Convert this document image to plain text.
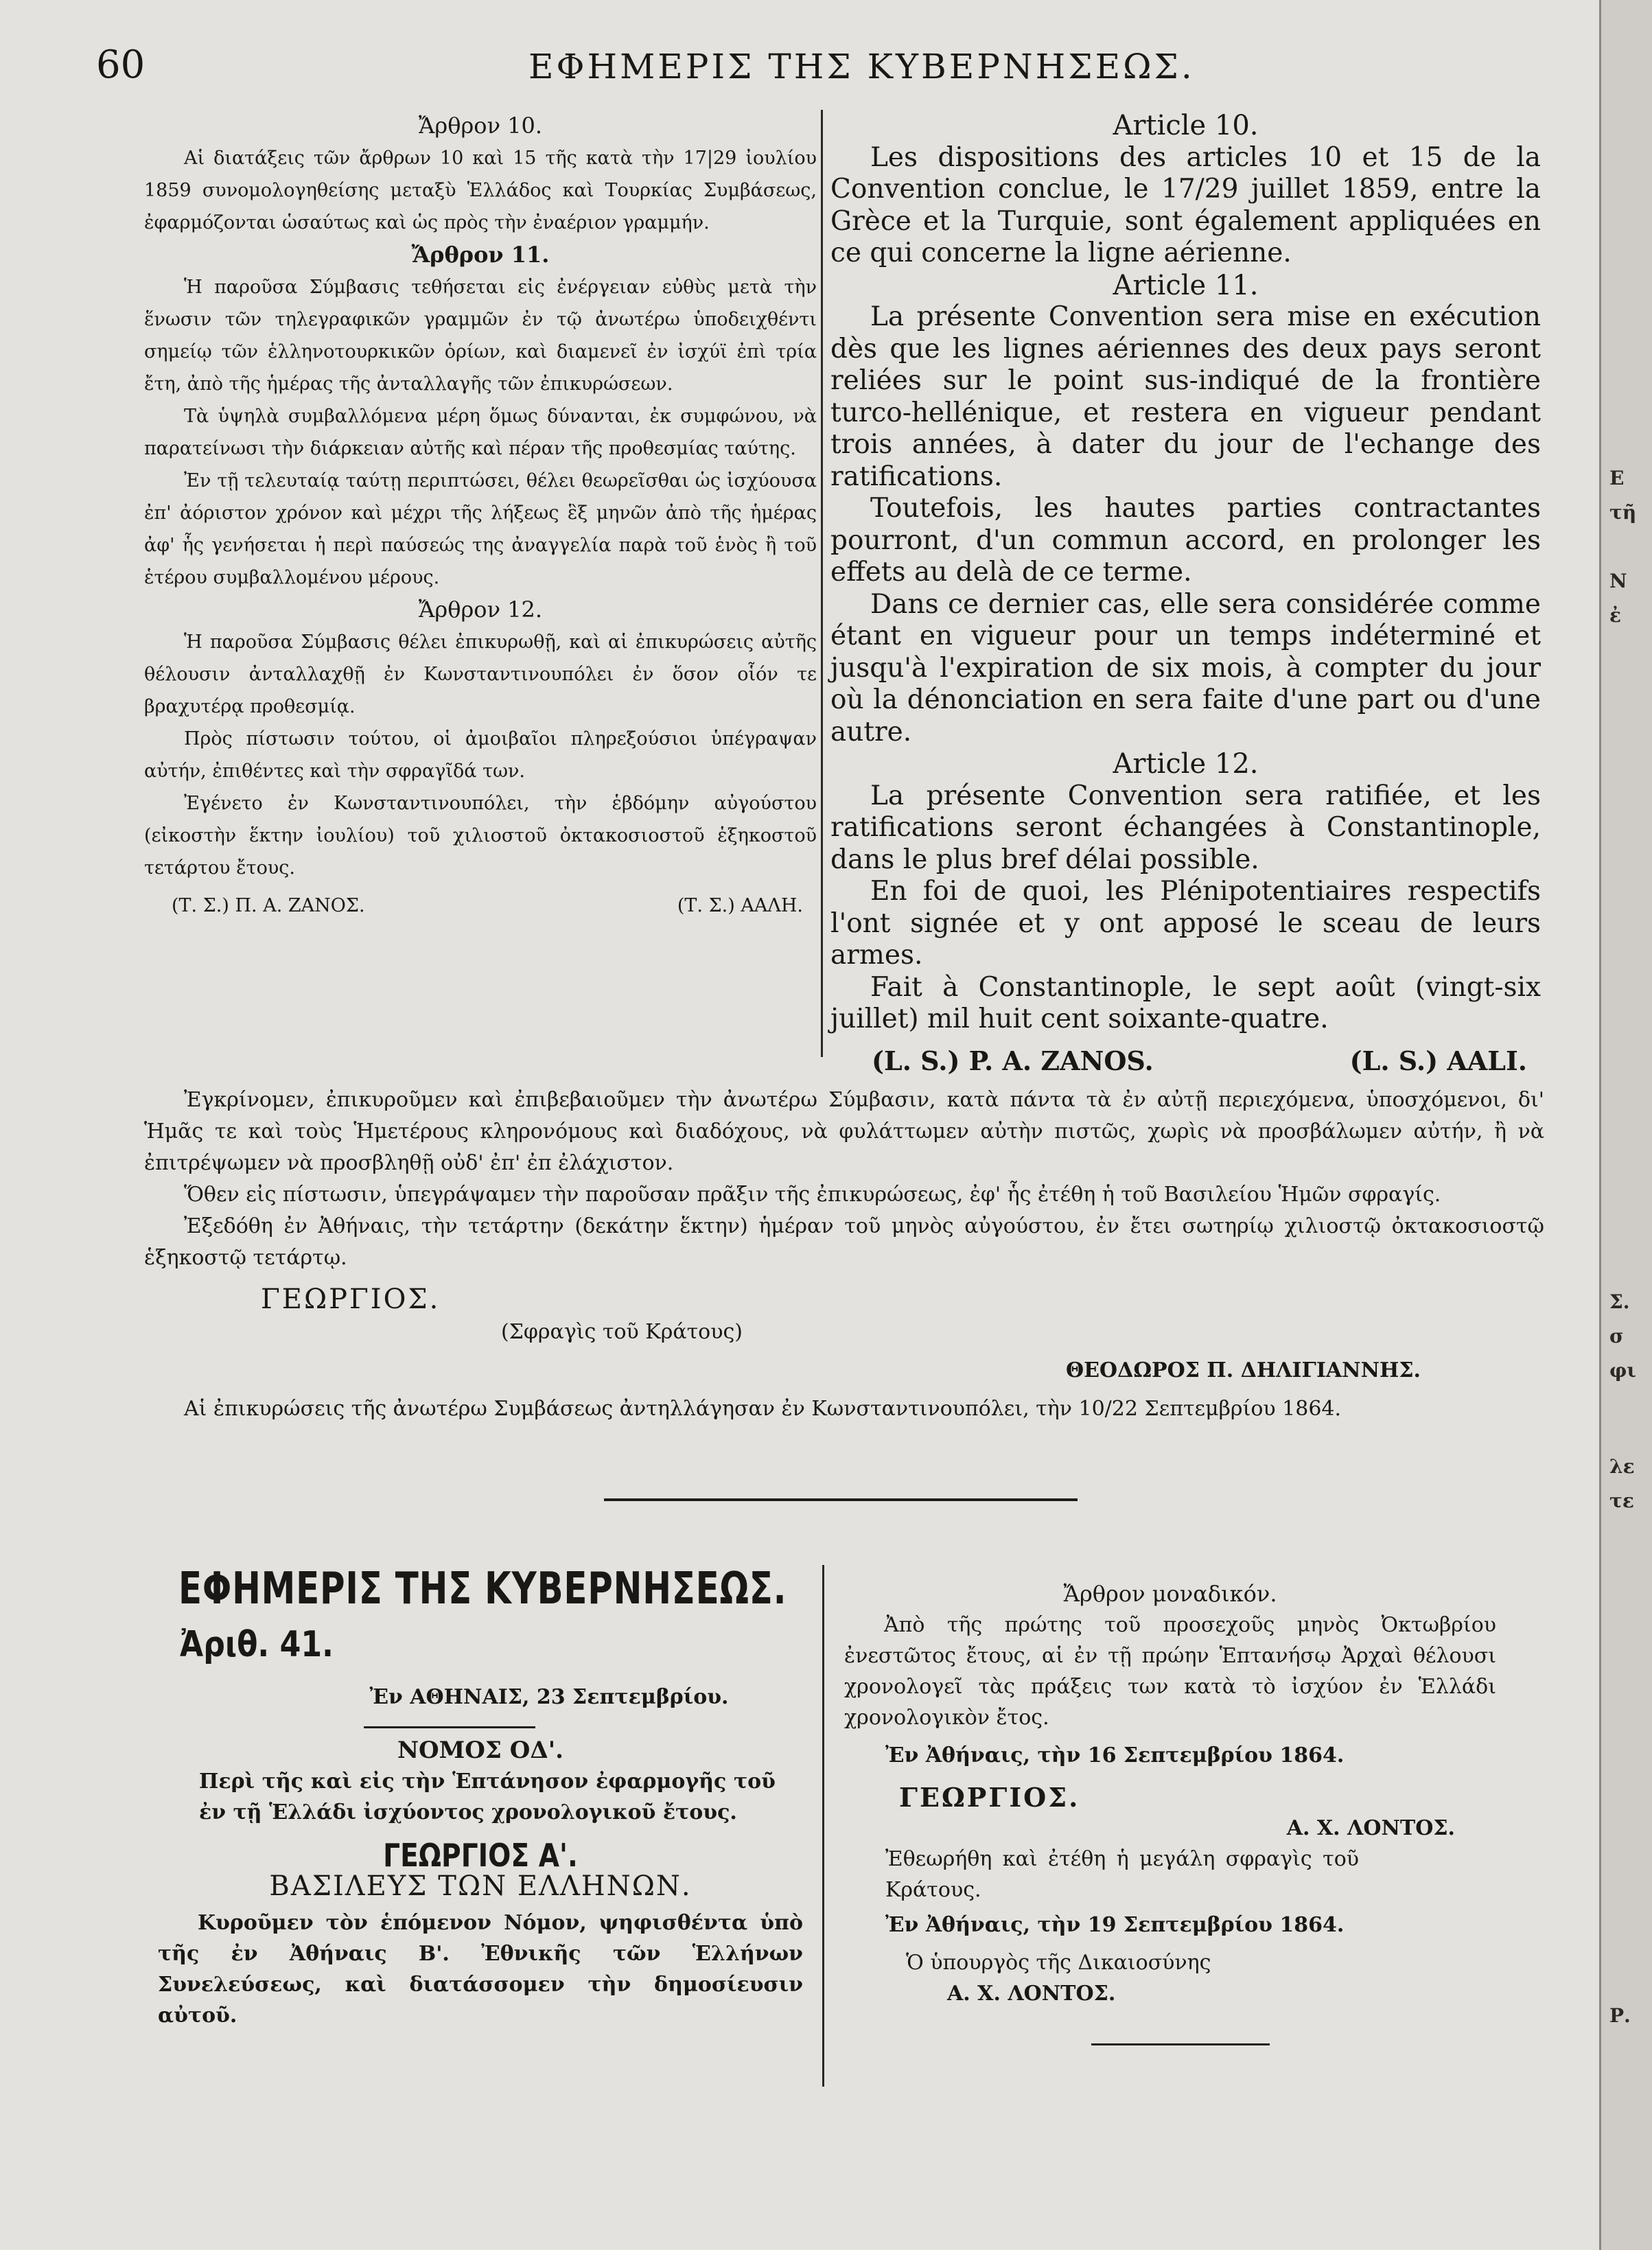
60	ΕΦΗΜΕΡΙΣ ΤΗΣ ΚΥΒΕΡΝΗΣΕΩΣ.
Ἄρθρον 10.

Αἱ διατάξεις τῶν ἄρθρων 10 καὶ 15 τῆς κατὰ τὴν 17|29 ἰουλίου 1859 συνομολογηθείσης μεταξὺ Ἑλλάδος καὶ Τουρκίας Συμβάσεως, ἐφαρμόζονται ὡσαύτως καὶ ὡς πρὸς τὴν ἐναέριον γραμμήν.

Ἄρθρον 11.

Ἡ παροῦσα Σύμβασις τεθήσεται εἰς ἐνέργειαν εὐθὺς μετὰ τὴν ἕνωσιν τῶν τηλεγραφικῶν γραμμῶν ἐν τῷ ἀνωτέρω ὑποδειχθέντι σημείῳ τῶν ἑλληνοτουρκικῶν ὁρίων, καὶ διαμενεῖ ἐν ἰσχύϊ ἐπὶ τρία ἔτη, ἀπὸ τῆς ἡμέρας τῆς ἀνταλλαγῆς τῶν ἐπικυρώσεων.

Τὰ ὑψηλὰ συμβαλλόμενα μέρη ὅμως δύνανται, ἐκ συμφώνου, νὰ παρατείνωσι τὴν διάρκειαν αὐτῆς καὶ πέραν τῆς προθεσμίας ταύτης.

Ἐν τῇ τελευταίᾳ ταύτῃ περιπτώσει, θέλει θεωρεῖσθαι ὡς ἰσχύουσα ἐπ' ἀόριστον χρόνον καὶ μέχρι τῆς λήξεως ἓξ μηνῶν ἀπὸ τῆς ἡμέρας ἀφ' ἧς γενήσεται ἡ περὶ παύσεώς της ἀναγγελία παρὰ τοῦ ἑνὸς ἢ τοῦ ἑτέρου συμβαλλομένου μέρους.

Ἄρθρον 12.

Ἡ παροῦσα Σύμβασις θέλει ἐπικυρωθῇ, καὶ αἱ ἐπικυρώσεις αὐτῆς θέλουσιν ἀνταλλαχθῇ ἐν Κωνσταντινουπόλει ἐν ὅσον οἷόν τε βραχυτέρᾳ προθεσμίᾳ.

Πρὸς πίστωσιν τούτου, οἱ ἀμοιβαῖοι πληρεξούσιοι ὑπέγραψαν αὐτήν, ἐπιθέντες καὶ τὴν σφραγῖδά των.

Ἐγένετο ἐν Κωνσταντινουπόλει, τὴν ἑβδόμην αὐγούστου (εἰκοστὴν ἕκτην ἰουλίου) τοῦ χιλιοστοῦ ὀκτακοσιοστοῦ ἑξηκοστοῦ τετάρτου ἔτους.

(Τ. Σ.) Π. Α. ΖΑΝΟΣ.	(Τ. Σ.) ΑΑΛΗ.
Article 10.

Les dispositions des articles 10 et 15 de la Convention conclue, le 17/29 juillet 1859, entre la Grèce et la Turquie, sont également appliquées en ce qui concerne la ligne aérienne.

Article 11.

La présente Convention sera mise en exécution dès que les lignes aériennes des deux pays seront reliées sur le point sus-indiqué de la frontière turco-hellénique, et restera en vigueur pendant trois années, à dater du jour de l'echange des ratifications.

Toutefois, les hautes parties contractantes pourront, d'un commun accord, en prolonger les effets au delà de ce terme.

Dans ce dernier cas, elle sera considérée comme étant en vigueur pour un temps indéterminé et jusqu'à l'expiration de six mois, à compter du jour où la dénonciation en sera faite d'une part ou d'une autre.

Article 12.

La présente Convention sera ratifiée, et les ratifications seront échangées à Constantinople, dans le plus bref délai possible.

En foi de quoi, les Plénipotentiaires respectifs l'ont signée et y ont apposé le sceau de leurs armes.

Fait à Constantinople, le sept août (vingt-six juillet) mil huit cent soixante-quatre.

(L. S.) P. A. ZANOS.	(L. S.) AALI.

Ἐγκρίνομεν, ἐπικυροῦμεν καὶ ἐπιβεβαιοῦμεν τὴν ἀνωτέρω Σύμβασιν, κατὰ πάντα τὰ ἐν αὐτῇ περιεχόμενα, ὑποσχόμενοι, δι' Ἡμᾶς τε καὶ τοὺς Ἡμετέρους κληρονόμους καὶ διαδόχους, νὰ φυλάττωμεν αὐτὴν πιστῶς, χωρὶς νὰ προσβάλωμεν αὐτήν, ἢ νὰ ἐπιτρέψωμεν νὰ προσβληθῇ οὐδ' ἐπ' ἐπ ἐλάχιστον.

Ὅθεν εἰς πίστωσιν, ὑπεγράψαμεν τὴν παροῦσαν πρᾶξιν τῆς ἐπικυρώσεως, ἐφ' ἧς ἐτέθη ἡ τοῦ Βασιλείου Ἡμῶν σφραγίς.

Ἐξεδόθη ἐν Ἀθήναις, τὴν τετάρτην (δεκάτην ἕκτην) ἡμέραν τοῦ μηνὸς αὐγούστου, ἐν ἔτει σωτηρίῳ χιλιοστῷ ὀκτακοσιοστῷ ἑξηκοστῷ τετάρτῳ.

ΓΕΩΡΓΙΟΣ.
(Σφραγὶς τοῦ Κράτους)
ΘΕΟΔΩΡΟΣ Π. ΔΗΛΙΓΙΑΝΝΗΣ.

Αἱ ἐπικυρώσεις τῆς ἀνωτέρω Συμβάσεως ἀντηλλάγησαν ἐν Κωνσταντινουπόλει, τὴν 10/22 Σεπτεμβρίου 1864.

ΕΦΗΜΕΡΙΣ ΤΗΣ ΚΥΒΕΡΝΗΣΕΩΣ.
Ἀριθ. 41.
Ἐν ΑΘΗΝΑΙΣ, 23 Σεπτεμβρίου.
ΝΟΜΟΣ ΟΔ'.

Περὶ τῆς καὶ εἰς τὴν Ἑπτάνησον ἐφαρμογῆς τοῦ ἐν τῇ Ἑλλάδι ἰσχύοντος χρονολογικοῦ ἔτους.

ΓΕΩΡΓΙΟΣ Α'.
ΒΑΣΙΛΕΥΣ ΤΩΝ ΕΛΛΗΝΩΝ.

Κυροῦμεν τὸν ἑπόμενον Νόμον, ψηφισθέντα ὑπὸ τῆς ἐν Ἀθήναις Β'. Ἐθνικῆς τῶν Ἑλλήνων Συνελεύσεως, καὶ διατάσσομεν τὴν δημοσίευσιν αὐτοῦ.

Ἄρθρον μοναδικόν.

Ἀπὸ τῆς πρώτης τοῦ προσεχοῦς μηνὸς Ὀκτωβρίου ἐνεστῶτος ἔτους, αἱ ἐν τῇ πρώην Ἑπτανήσῳ Ἀρχαὶ θέλουσι χρονολογεῖ τὰς πράξεις των κατὰ τὸ ἰσχύον ἐν Ἑλλάδι χρονολογικὸν ἔτος.

Ἐν Ἀθήναις, τὴν 16 Σεπτεμβρίου 1864.
ΓΕΩΡΓΙΟΣ.
Α. Χ. ΛΟΝΤΟΣ.

Ἐθεωρήθη καὶ ἐτέθη ἡ μεγάλη σφραγὶς τοῦ Κράτους.

Ἐν Ἀθήναις, τὴν 19 Σεπτεμβρίου 1864.
Ὁ ὑπουργὸς τῆς Δικαιοσύνης
Α. Χ. ΛΟΝΤΟΣ.
Ε
τῆ
Ν
ἐ
Σ.
σ
φι
λε
τε
Ρ.
